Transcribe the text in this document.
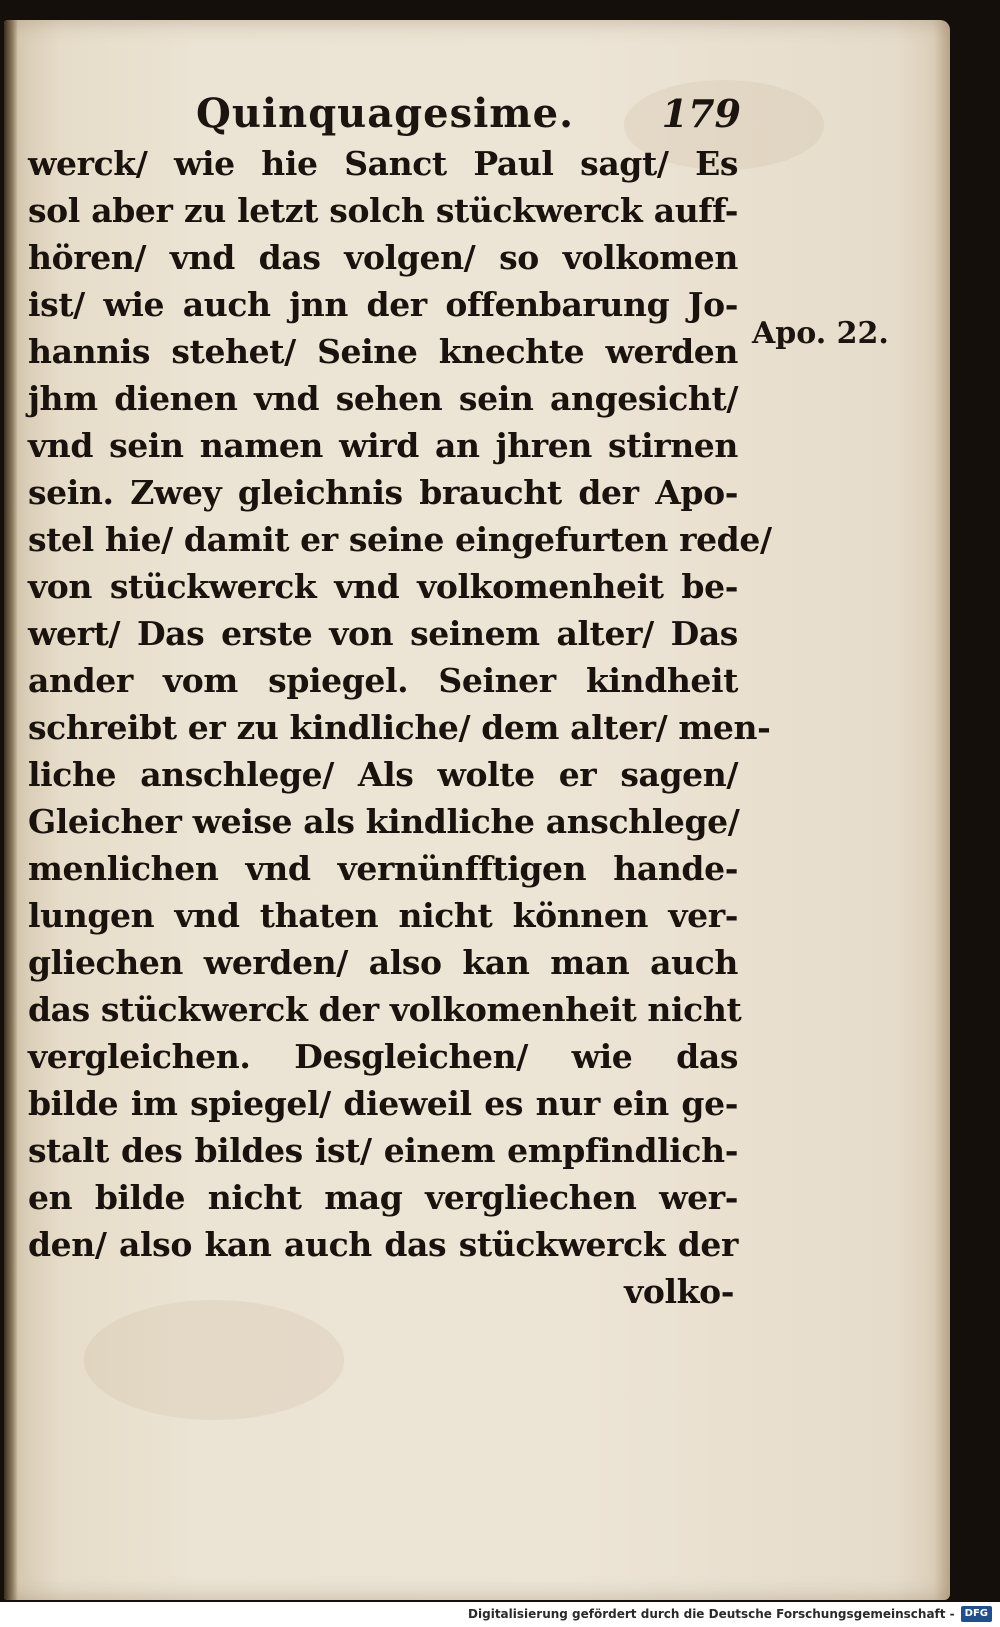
Quinquagesime. 179
werck/ wie hie Sanct Paul sagt/ Es
sol aber zu letzt solch stückwerck auff-
hören/ vnd das volgen/ so volkomen
ist/ wie auch jnn der offenbarung Jo-
hannis stehet/ Seine knechte werden
jhm dienen vnd sehen sein angesicht/
vnd sein namen wird an jhren stirnen
sein. Zwey gleichnis braucht der Apo-
stel hie/ damit er seine eingefurten rede/
von stückwerck vnd volkomenheit be-
wert/ Das erste von seinem alter/ Das
ander vom spiegel. Seiner kindheit
schreibt er zu kindliche/ dem alter/ men-
liche anschlege/ Als wolte er sagen/
Gleicher weise als kindliche anschlege/
menlichen vnd vernünfftigen hande-
lungen vnd thaten nicht können ver-
gliechen werden/ also kan man auch
das stückwerck der volkomenheit nicht
vergleichen. Desgleichen/ wie das
bilde im spiegel/ dieweil es nur ein ge-
stalt des bildes ist/ einem empfindlich-
en bilde nicht mag vergliechen wer-
den/ also kan auch das stückwerck der
volko-
Apo. 22.
Digitalisierung gefördert durch die Deutsche Forschungsgemeinschaft -	DFG
